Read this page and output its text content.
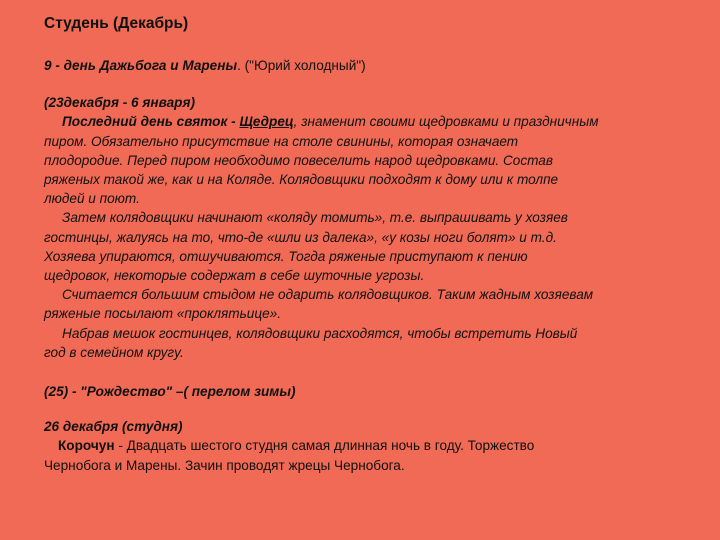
Студень (Декабрь)

9 - день Дажьбога и Марены. ("Юрий холодный")

(23декабря - 6 января)

Последний день святок - Щедрец, знаменит своими щедровками и праздничным

пиром. Обязательно присутствие на столе свинины, которая означает

плодородие. Перед пиром необходимо повеселить народ щедровками. Состав

ряженых такой же, как и на Коляде. Колядовщики подходят к дому или к толпе

людей и поют.

Затем колядовщики начинают «коляду томить», т.е. выпрашивать у хозяев

гостинцы, жалуясь на то, что-де «шли из далека», «у козы ноги болят» и т.д.

Хозяева упираются, отшучиваются. Тогда ряженые приступают к пению

щедровок, некоторые содержат в себе шуточные угрозы.

Считается большим стыдом не одарить колядовщиков. Таким жадным хозяевам

ряженые посылают «проклятьице».

Набрав мешок гостинцев, колядовщики расходятся, чтобы встретить Новый

год в семейном кругу.

(25) - "Рождество" –( перелом зимы)

26 декабря (студня)

Корочун - Двадцать шестого студня самая длинная ночь в году. Торжество

Чернобога и Марены. Зачин проводят жрецы Чернобога.
